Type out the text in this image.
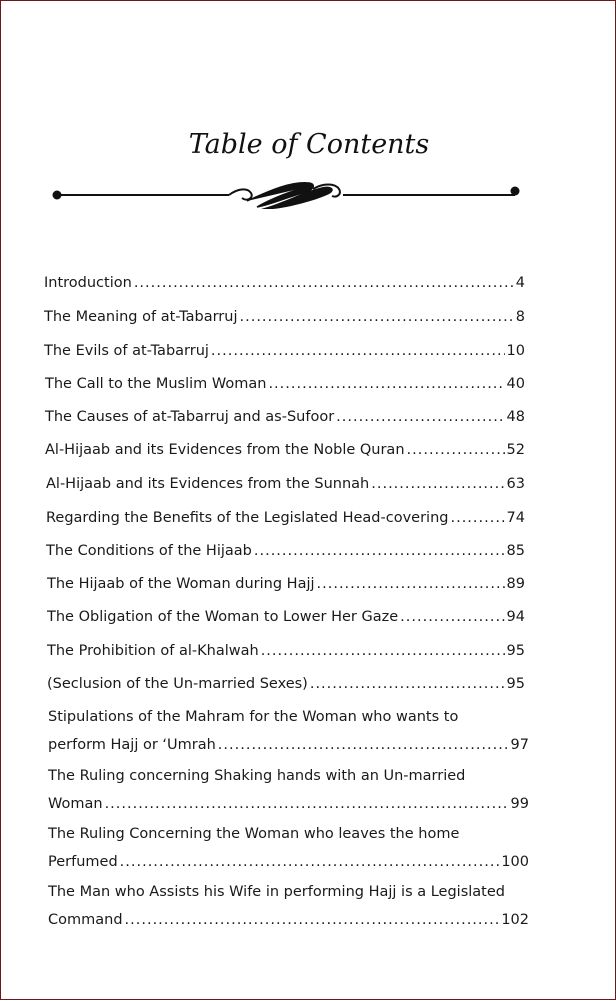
Table of Contents
Introduction .....	4
The Meaning of at-Tabarruj .....	8
The Evils of at-Tabarruj .....	10
The Call to the Muslim Woman .....	40
The Causes of at-Tabarruj and as-Sufoor .....	48
Al-Hijaab and its Evidences from the Noble Quran .....	52
Al-Hijaab and its Evidences from the Sunnah .....	63
Regarding the Benefits of the Legislated Head-covering .....	74
The Conditions of the Hijaab .....	85
The Hijaab of the Woman during Hajj .....	89
The Obligation of the Woman to Lower Her Gaze .....	94
The Prohibition of al-Khalwah .....	95
(Seclusion of the Un-married Sexes) .....	95
Stipulations of the Mahram for the Woman who wants to
perform Hajj or ‘Umrah .....	97
The Ruling concerning Shaking hands with an Un-married
Woman .....	99
The Ruling Concerning the Woman who leaves the home
Perfumed .....	100
The Man who Assists his Wife in performing Hajj is a Legislated
Command .....	102
